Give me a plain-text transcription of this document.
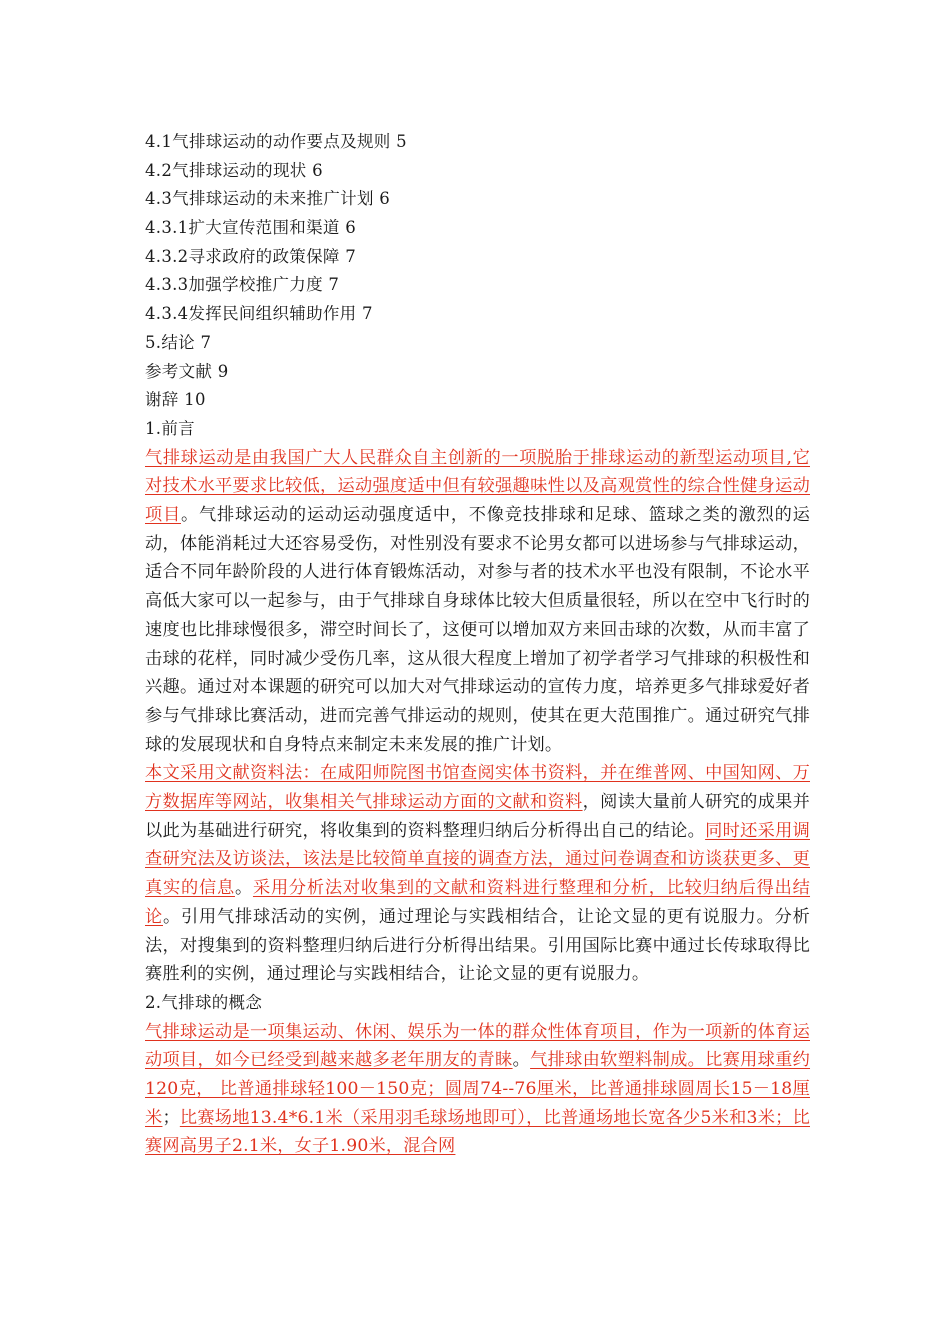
4.1气排球运动的动作要点及规则 5
4.2气排球运动的现状 6
4.3气排球运动的未来推广计划 6
4.3.1扩大宣传范围和渠道 6
4.3.2寻求政府的政策保障 7
4.3.3加强学校推广力度 7
4.3.4发挥民间组织辅助作用 7
5.结论 7
参考文献 9
谢辞 10
1.前言

气排球运动是由我国广大人民群众自主创新的一项脱胎于排球运动的新型运动项目,它对技术水平要求比较低，运动强度适中但有较强趣味性以及高观赏性的综合性健身运动项目。气排球运动的运动运动强度适中，不像竞技排球和足球、篮球之类的激烈的运动，体能消耗过大还容易受伤，对性别没有要求不论男女都可以进场参与气排球运动，适合不同年龄阶段的人进行体育锻炼活动，对参与者的技术水平也没有限制，不论水平高低大家可以一起参与，由于气排球自身球体比较大但质量很轻，所以在空中飞行时的速度也比排球慢很多，滞空时间长了，这便可以增加双方来回击球的次数，从而丰富了击球的花样，同时减少受伤几率，这从很大程度上增加了初学者学习气排球的积极性和兴趣。通过对本课题的研究可以加大对气排球运动的宣传力度，培养更多气排球爱好者参与气排球比赛活动，进而完善气排运动的规则，使其在更大范围推广。通过研究气排球的发展现状和自身特点来制定未来发展的推广计划。

本文采用文献资料法：在咸阳师院图书馆查阅实体书资料，并在维普网、中国知网、万方数据库等网站，收集相关气排球运动方面的文献和资料，阅读大量前人研究的成果并以此为基础进行研究，将收集到的资料整理归纳后分析得出自己的结论。同时还采用调查研究法及访谈法，该法是比较简单直接的调查方法，通过问卷调查和访谈获更多、更真实的信息。采用分析法对收集到的文献和资料进行整理和分析，比较归纳后得出结论。引用气排球活动的实例，通过理论与实践相结合，让论文显的更有说服力。分析法，对搜集到的资料整理归纳后进行分析得出结果。引用国际比赛中通过长传球取得比赛胜利的实例，通过理论与实践相结合，让论文显的更有说服力。

2.气排球的概念

气排球运动是一项集运动、休闲、娱乐为一体的群众性体育项目，作为一项新的体育运动项目，如今已经受到越来越多老年朋友的青睐。气排球由软塑料制成。比赛用球重约120克， 比普通排球轻100－150克；圆周74--76厘米，比普通排球圆周长15－18厘米；比赛场地13.4*6.1米（采用羽毛球场地即可），比普通场地长宽各少5米和3米；比赛网高男子2.1米，女子1.90米，混合网
